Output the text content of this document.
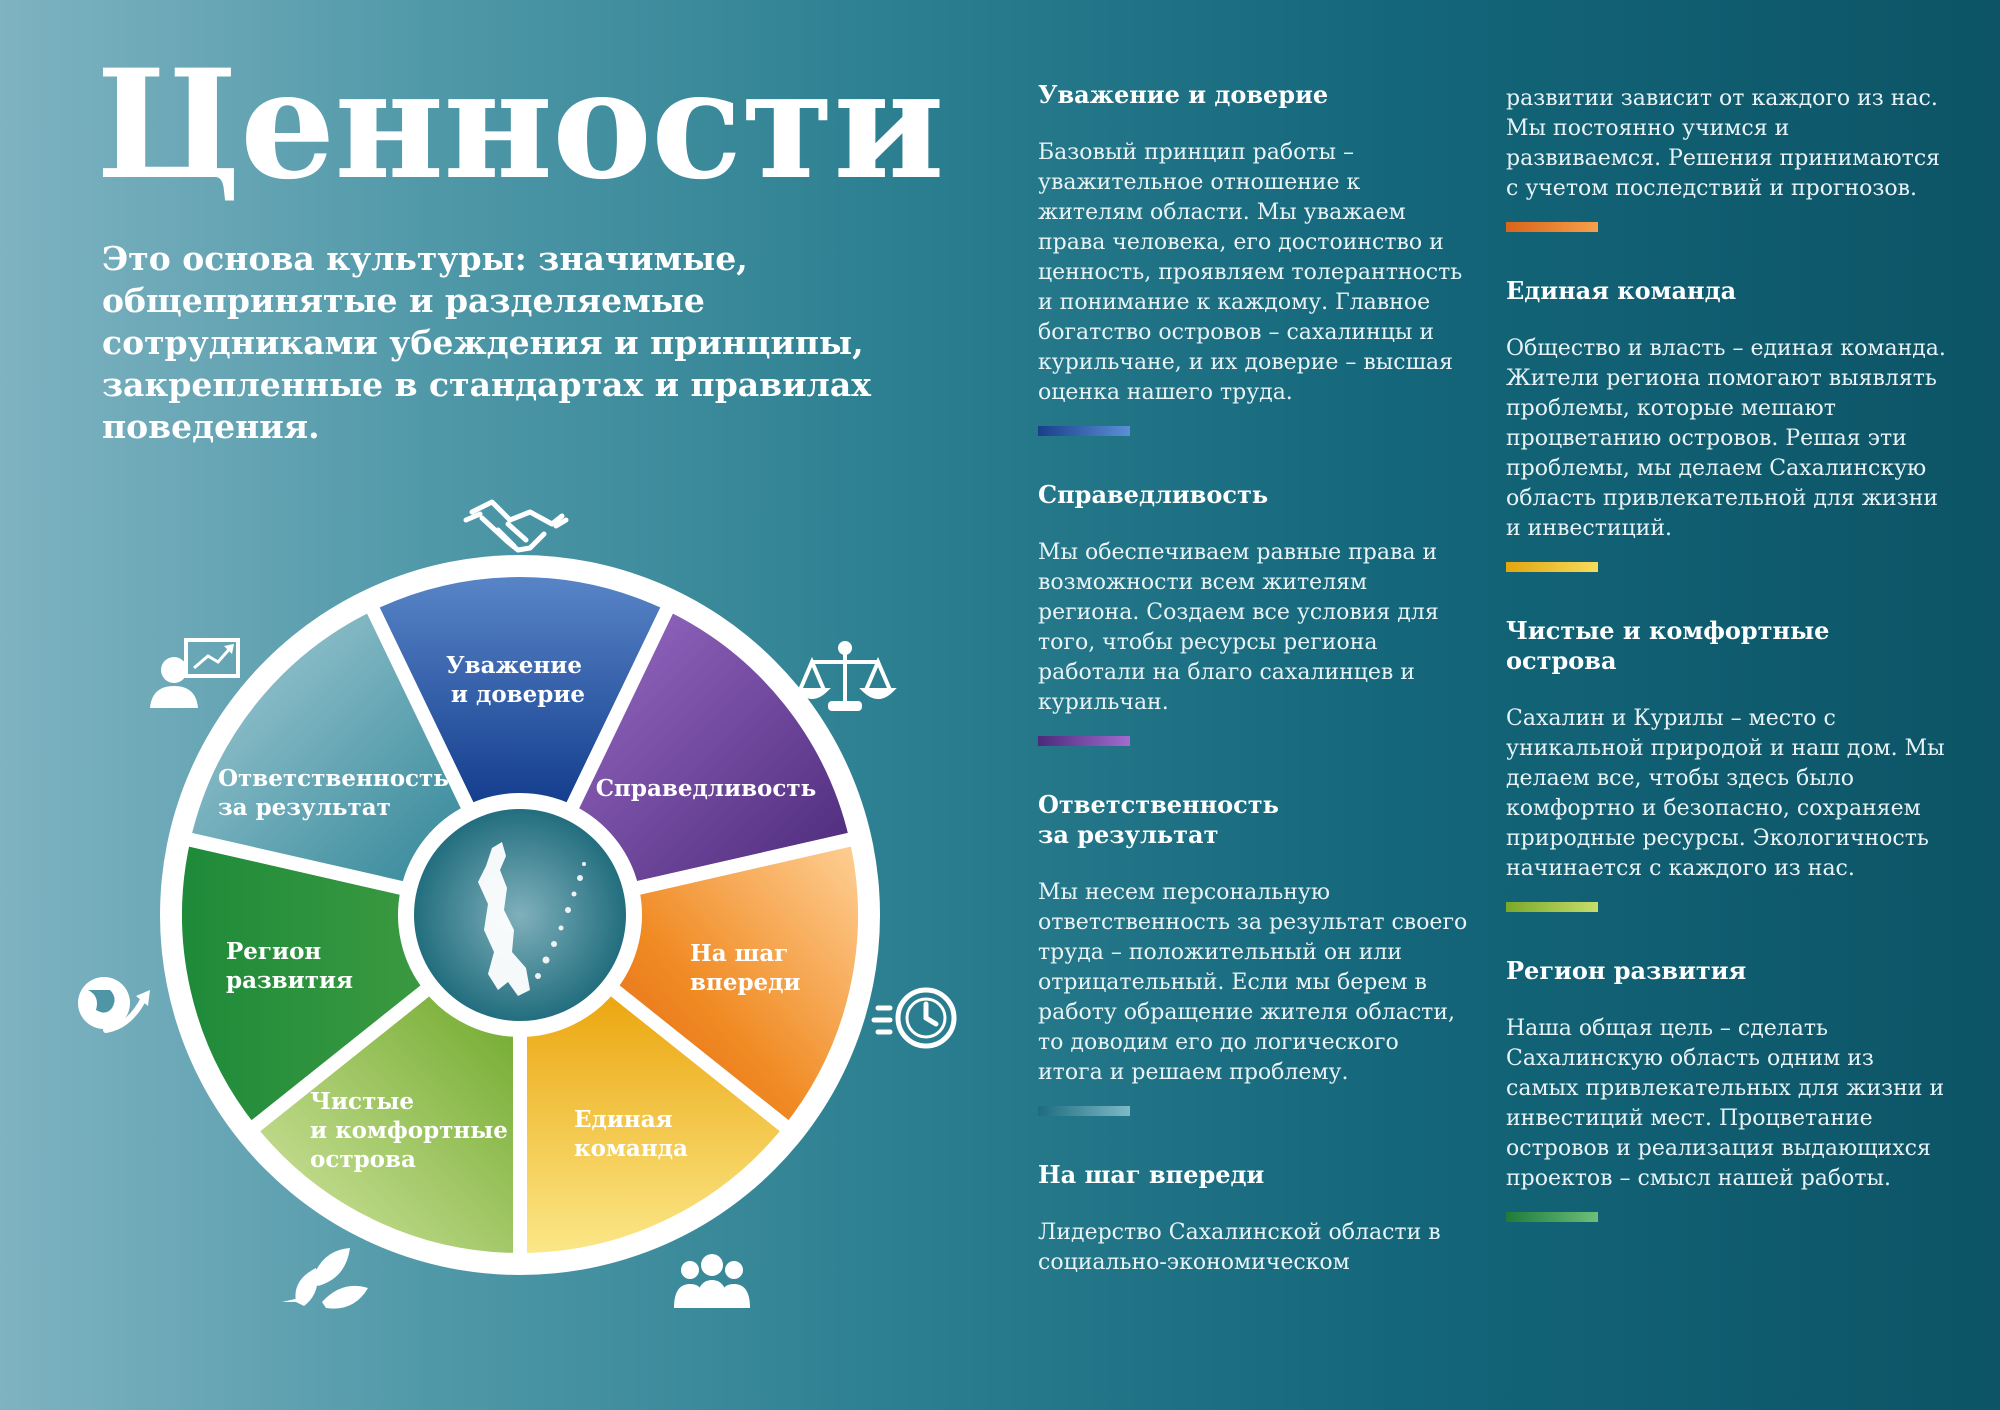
Ценности

Это основа культуры: значимые, общепринятые и разделяемые сотрудниками убеждения и принципы, закрепленные в стандартах и правилах поведения.

Уважение и доверие
Справедливость
На шаг впереди
Единая команда
Чистые и комфортные острова
Регион развития
Ответственность за результат
Уважение и доверие

Базовый принцип работы – уважительное отношение к жителям области. Мы уважаем права человека, его достоинство и ценность, проявляем толерантность и понимание к каждому. Главное богатство островов – сахалинцы и курильчане, и их доверие – высшая оценка нашего труда.

Справедливость

Мы обеспечиваем равные права и возможности всем жителям региона. Создаем все условия для того, чтобы ресурсы региона работали на благо сахалинцев и курильчан.

Ответственность
за результат

Мы несем персональную ответственность за результат своего труда – положительный он или отрицательный. Если мы берем в работу обращение жителя области, то доводим его до логического итога и решаем проблему.

На шаг впереди

Лидерство Сахалинской области в социально-экономическом

развитии зависит от каждого из нас. Мы постоянно учимся и развиваемся. Решения принимаются с учетом последствий и прогнозов.

Единая команда

Общество и власть – единая команда. Жители региона помогают выявлять проблемы, которые мешают процветанию островов. Решая эти проблемы, мы делаем Сахалинскую область привлекательной для жизни и инвестиций.

Чистые и комфортные
острова

Сахалин и Курилы – место с уникальной природой и наш дом. Мы делаем все, чтобы здесь было комфортно и безопасно, сохраняем природные ресурсы. Экологичность начинается с каждого из нас.

Регион развития

Наша общая цель – сделать Сахалинскую область одним из самых привлекательных для жизни и инвестиций мест. Процветание островов и реализация выдающихся проектов – смысл нашей работы.
